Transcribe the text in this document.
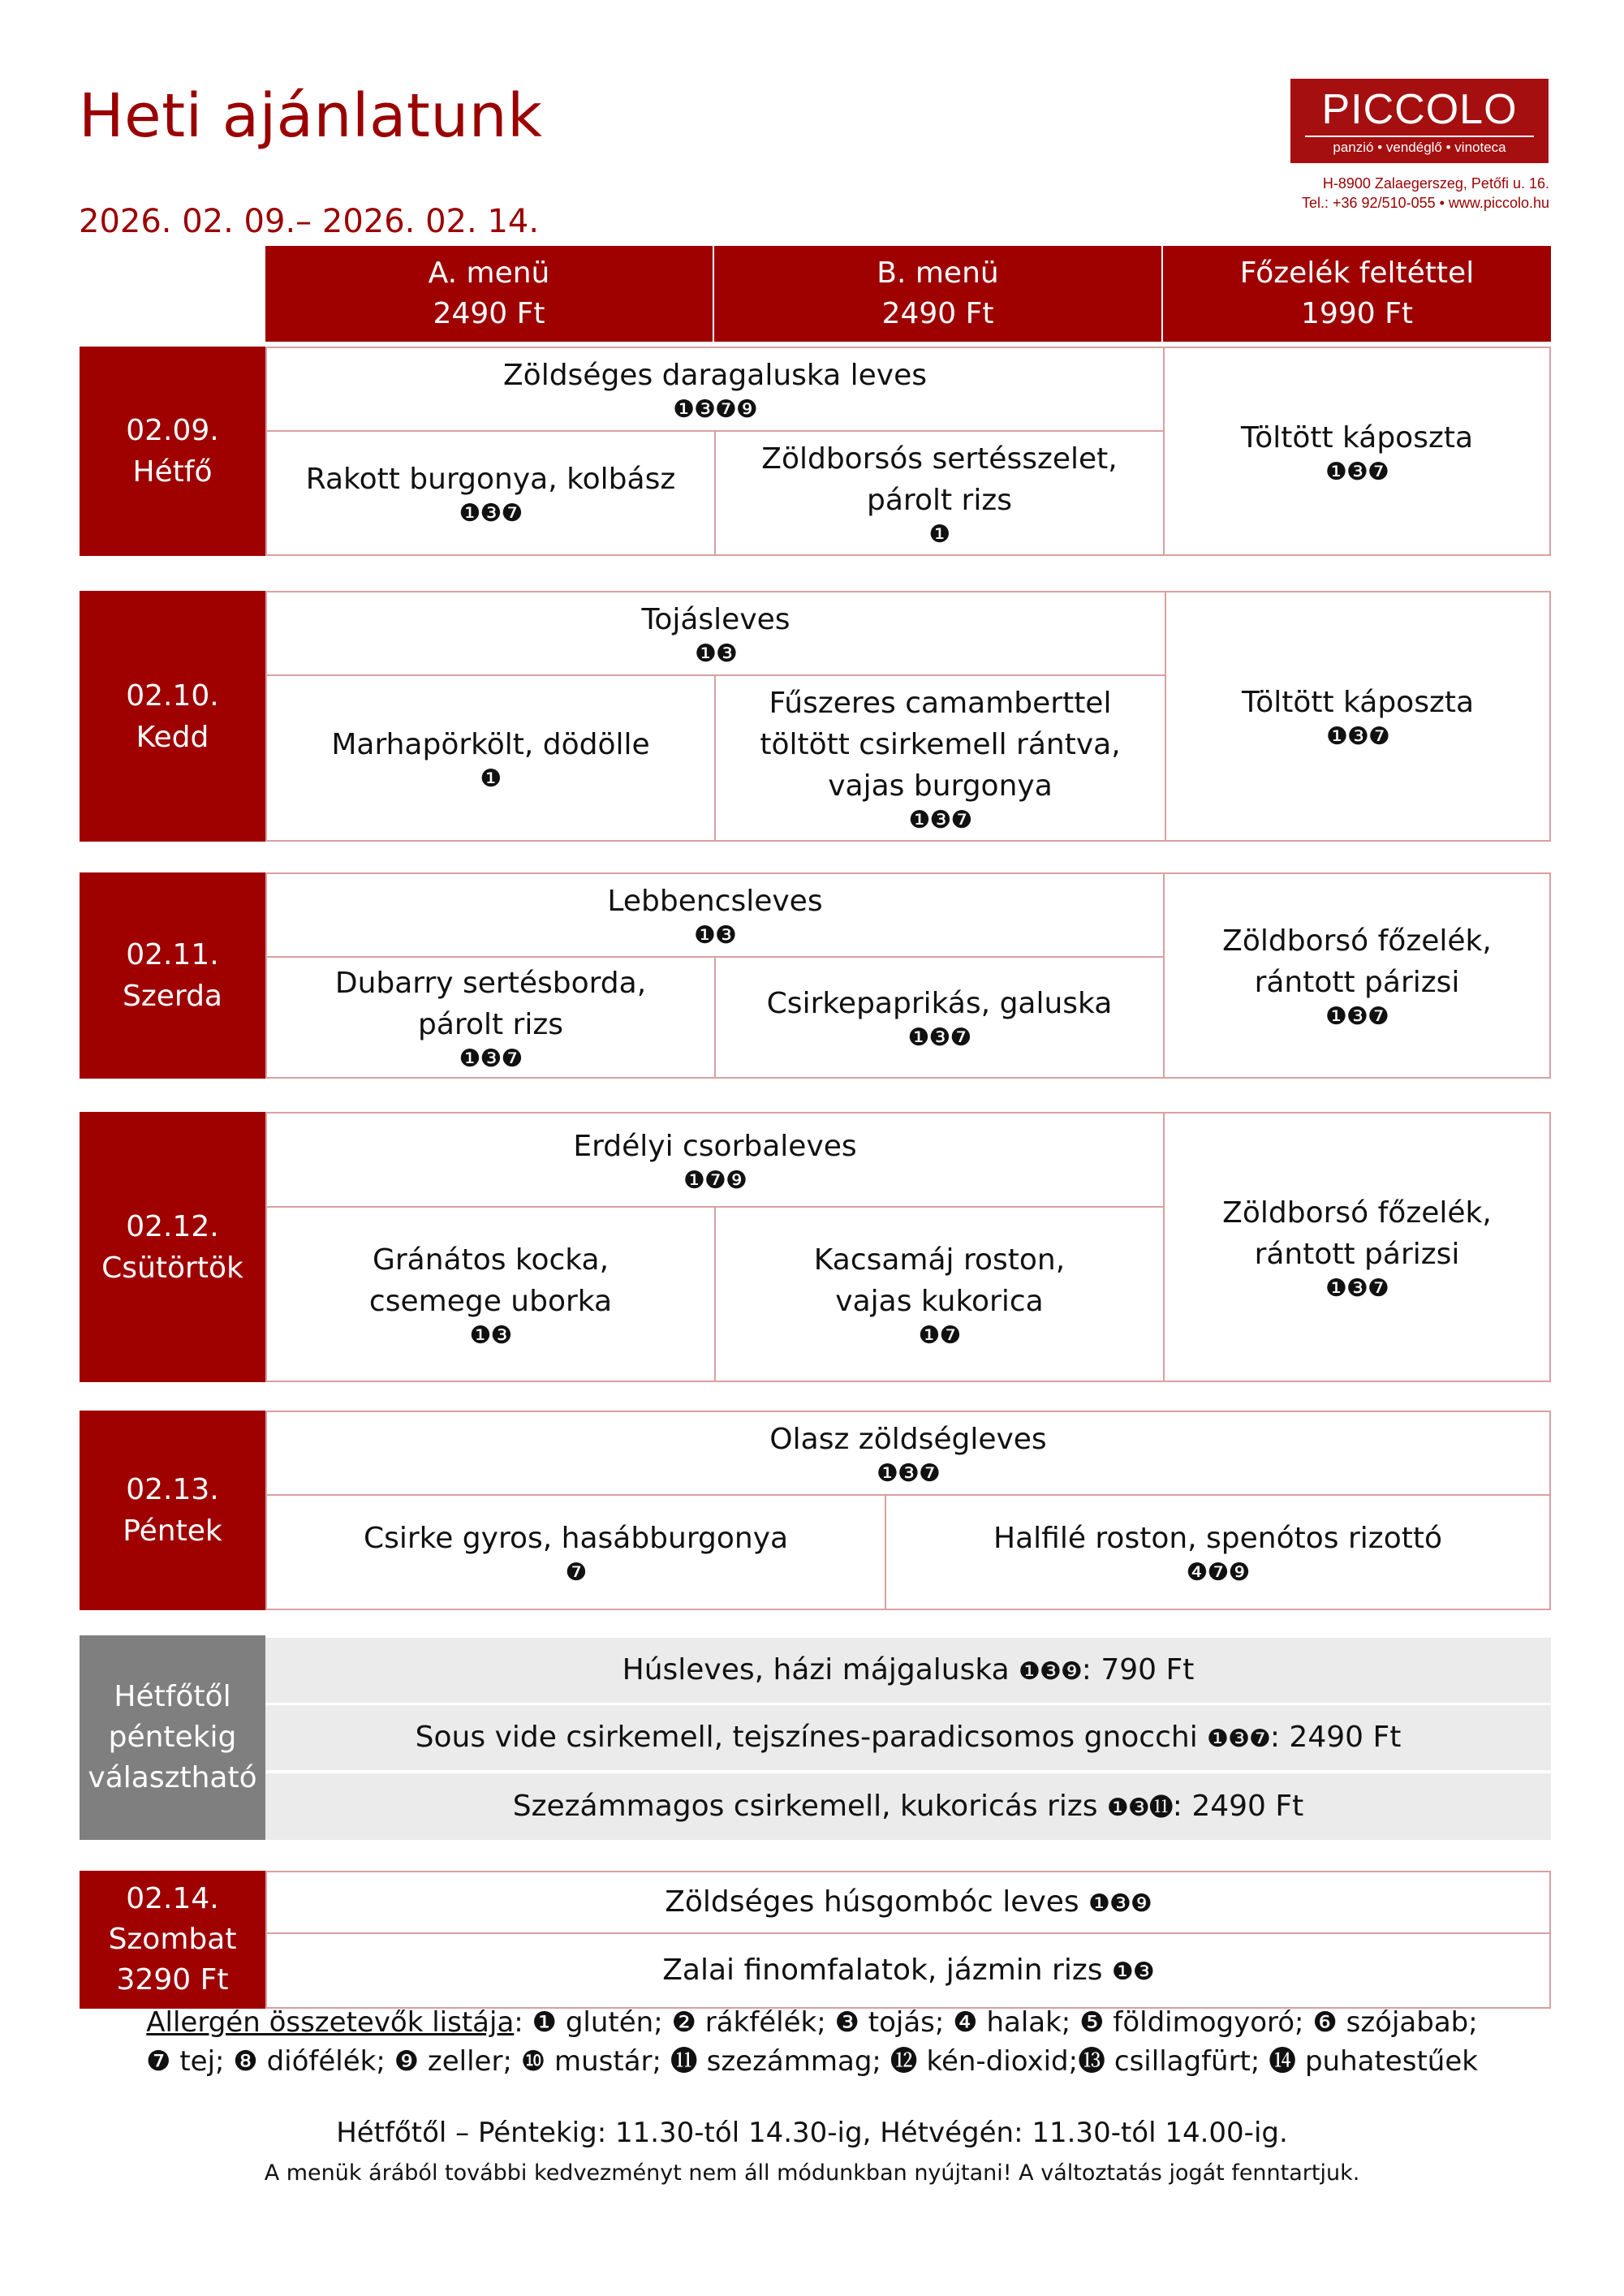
Heti ajánlatunk
2026. 02. 09.– 2026. 02. 14.
PICCOLO
panzió • vendéglő • vinoteca
H-8900 Zalaegerszeg, Petőfi u. 16.
Tel.: +36 92/510-055 • www.piccolo.hu
A. menü
2490 Ft
B. menü
2490 Ft
Főzelék feltéttel
1990 Ft
02.09.
Hétfő
Zöldséges daragaluska leves
❶❸❼❾
Rakott burgonya, kolbász
❶❸❼
Zöldborsós sertésszelet, párolt rizs
❶
Töltött káposzta
❶❸❼
02.10.
Kedd
Tojásleves
❶❸
Marhapörkölt, dödölle
❶
Fűszeres camamberttel töltött csirkemell rántva, vajas burgonya
❶❸❼
Töltött káposzta
❶❸❼
02.11.
Szerda
Lebbencsleves
❶❸
Dubarry sertésborda, párolt rizs
❶❸❼
Csirkepaprikás, galuska
❶❸❼
Zöldborsó főzelék, rántott párizsi
❶❸❼
02.12.
Csütörtök
Erdélyi csorbaleves
❶❼❾
Gránátos kocka, csemege uborka
❶❸
Kacsamáj roston, vajas kukorica
❶❼
Zöldborsó főzelék, rántott párizsi
❶❸❼
02.13.
Péntek
Olasz zöldségleves
❶❸❼
Csirke gyros, hasábburgonya
❼
Halfilé roston, spenótos rizottó
❹❼❾
Hétfőtől péntekig választható
Húsleves, házi májgaluska ❶❸❾: 790 Ft
Sous vide csirkemell, tejszínes-paradicsomos gnocchi ❶❸❼: 2490 Ft
Szezámmagos csirkemell, kukoricás rizs ❶❸⓫: 2490 Ft
02.14.
Szombat
3290 Ft
Zöldséges húsgombóc leves ❶❸❾
Zalai finomfalatok, jázmin rizs ❶❸
Allergén összetevők listája: ❶ glutén; ❷ rákfélék; ❸ tojás; ❹ halak; ❺ földimogyoró; ❻ szójabab;
❼ tej; ❽ diófélék; ❾ zeller; ❿ mustár; ⓫ szezámmag; ⓬ kén-dioxid;⓭ csillagfürt; ⓮ puhatestűek
Hétfőtől – Péntekig: 11.30-tól 14.30-ig, Hétvégén: 11.30-tól 14.00-ig.
A menük árából további kedvezményt nem áll módunkban nyújtani! A változtatás jogát fenntartjuk.
